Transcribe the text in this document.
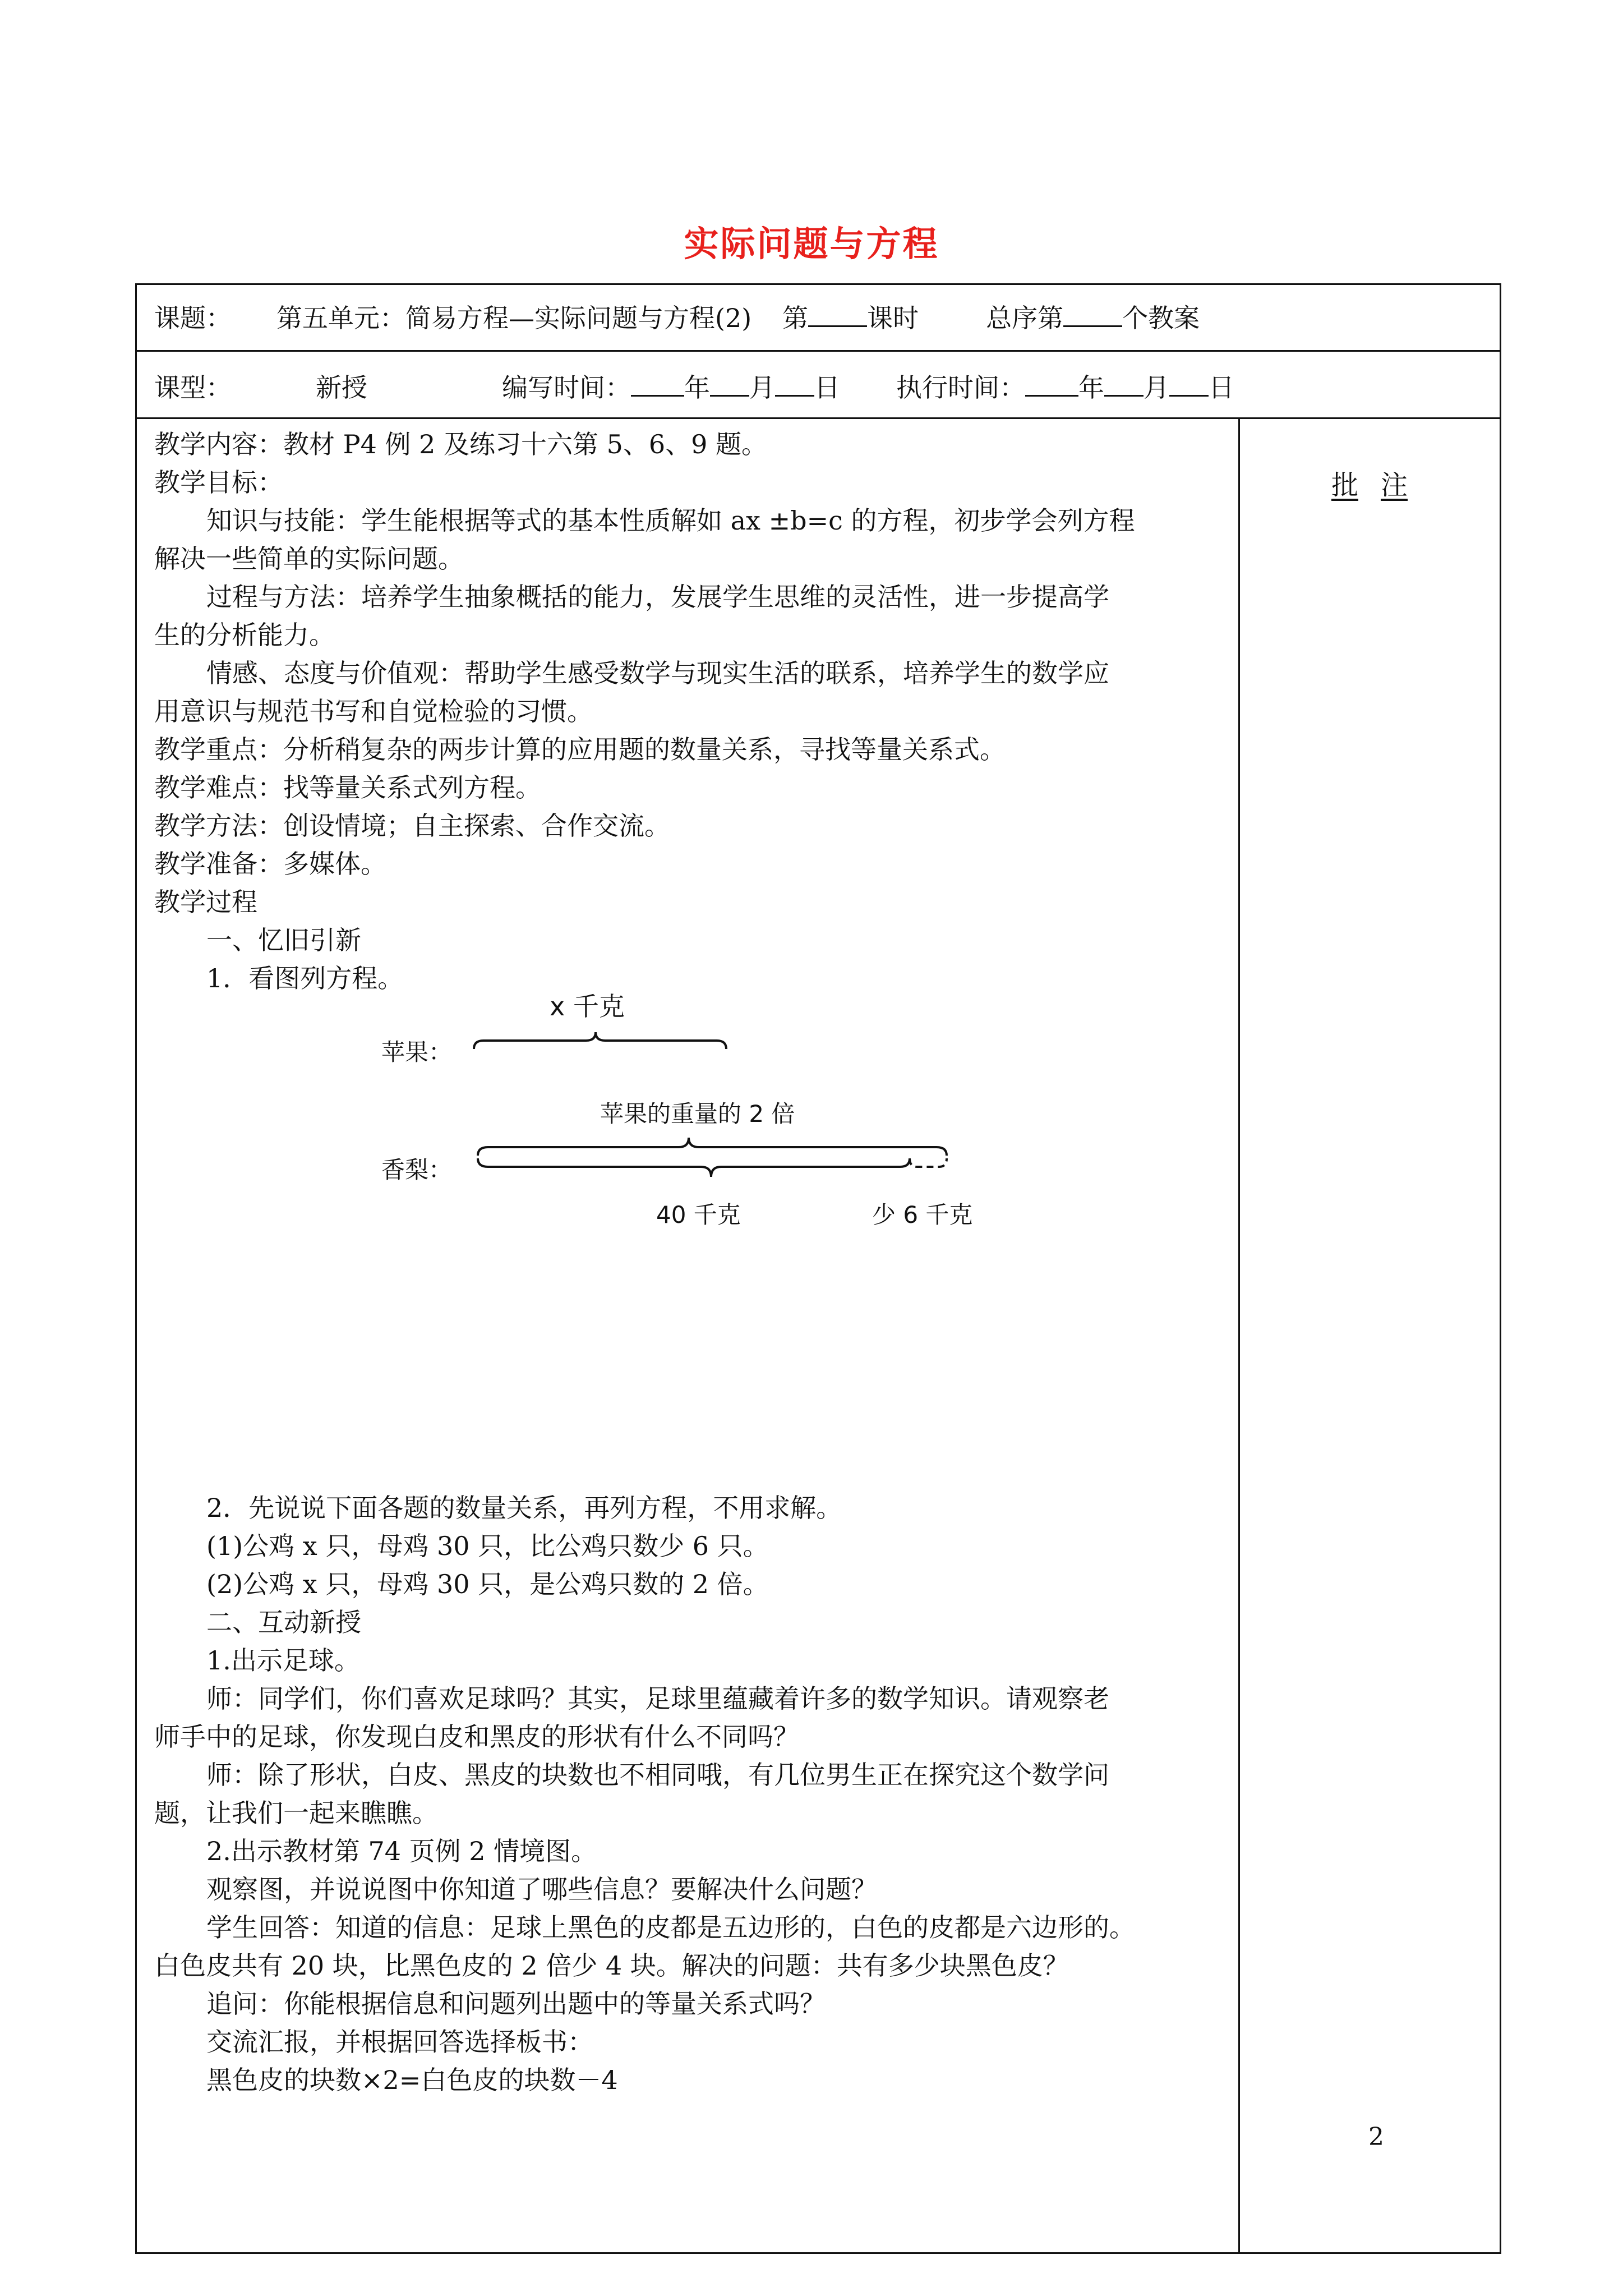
实际问题与方程
课题： 第五单元：简易方程—实际问题与方程(2) 第 课时	总序第 个教案
课型：	新授	编写时间： 年 月 日 执行时间： 年 月 日
批 注
教学内容：教材 P4 例 2 及练习十六第 5、6、9 题。
教学目标：
知识与技能：学生能根据等式的基本性质解如 ax ±b=c 的方程，初步学会列方程
解决一些简单的实际问题。
过程与方法：培养学生抽象概括的能力，发展学生思维的灵活性，进一步提高学
生的分析能力。
情感、态度与价值观：帮助学生感受数学与现实生活的联系，培养学生的数学应
用意识与规范书写和自觉检验的习惯。
教学重点：分析稍复杂的两步计算的应用题的数量关系，寻找等量关系式。
教学难点：找等量关系式列方程。
教学方法：创设情境；自主探索、合作交流。
教学准备：多媒体。
教学过程
一、忆旧引新
1．看图列方程。
x 千克
苹果：
苹果的重量的 2 倍
香梨：
40 千克	少 6 千克
2．先说说下面各题的数量关系，再列方程，不用求解。
(1)公鸡 x 只，母鸡 30 只，比公鸡只数少 6 只。
(2)公鸡 x 只，母鸡 30 只，是公鸡只数的 2 倍。
二、互动新授
1.出示足球。
师：同学们，你们喜欢足球吗？其实，足球里蕴藏着许多的数学知识。请观察老
师手中的足球，你发现白皮和黑皮的形状有什么不同吗？
师：除了形状，白皮、黑皮的块数也不相同哦，有几位男生正在探究这个数学问
题，让我们一起来瞧瞧。
2.出示教材第 74 页例 2 情境图。
观察图，并说说图中你知道了哪些信息？要解决什么问题？
学生回答：知道的信息：足球上黑色的皮都是五边形的，白色的皮都是六边形的。
白色皮共有 20 块，比黑色皮的 2 倍少 4 块。解决的问题：共有多少块黑色皮？
追问：你能根据信息和问题列出题中的等量关系式吗？
交流汇报，并根据回答选择板书：
黑色皮的块数×2=白色皮的块数－4
2
